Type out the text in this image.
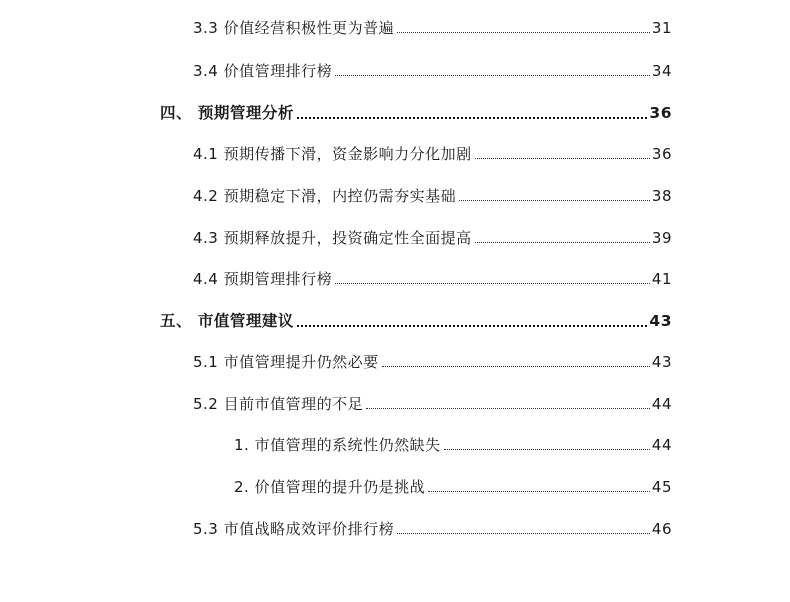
3.3 价值经营积极性更为普遍	31
3.4 价值管理排行榜	34
四、 预期管理分析	36
4.1 预期传播下滑，资金影响力分化加剧	36
4.2 预期稳定下滑，内控仍需夯实基础	38
4.3 预期释放提升，投资确定性全面提高	39
4.4 预期管理排行榜	41
五、 市值管理建议	43
5.1 市值管理提升仍然必要	43
5.2 目前市值管理的不足	44
1. 市值管理的系统性仍然缺失	44
2. 价值管理的提升仍是挑战	45
5.3 市值战略成效评价排行榜	46
